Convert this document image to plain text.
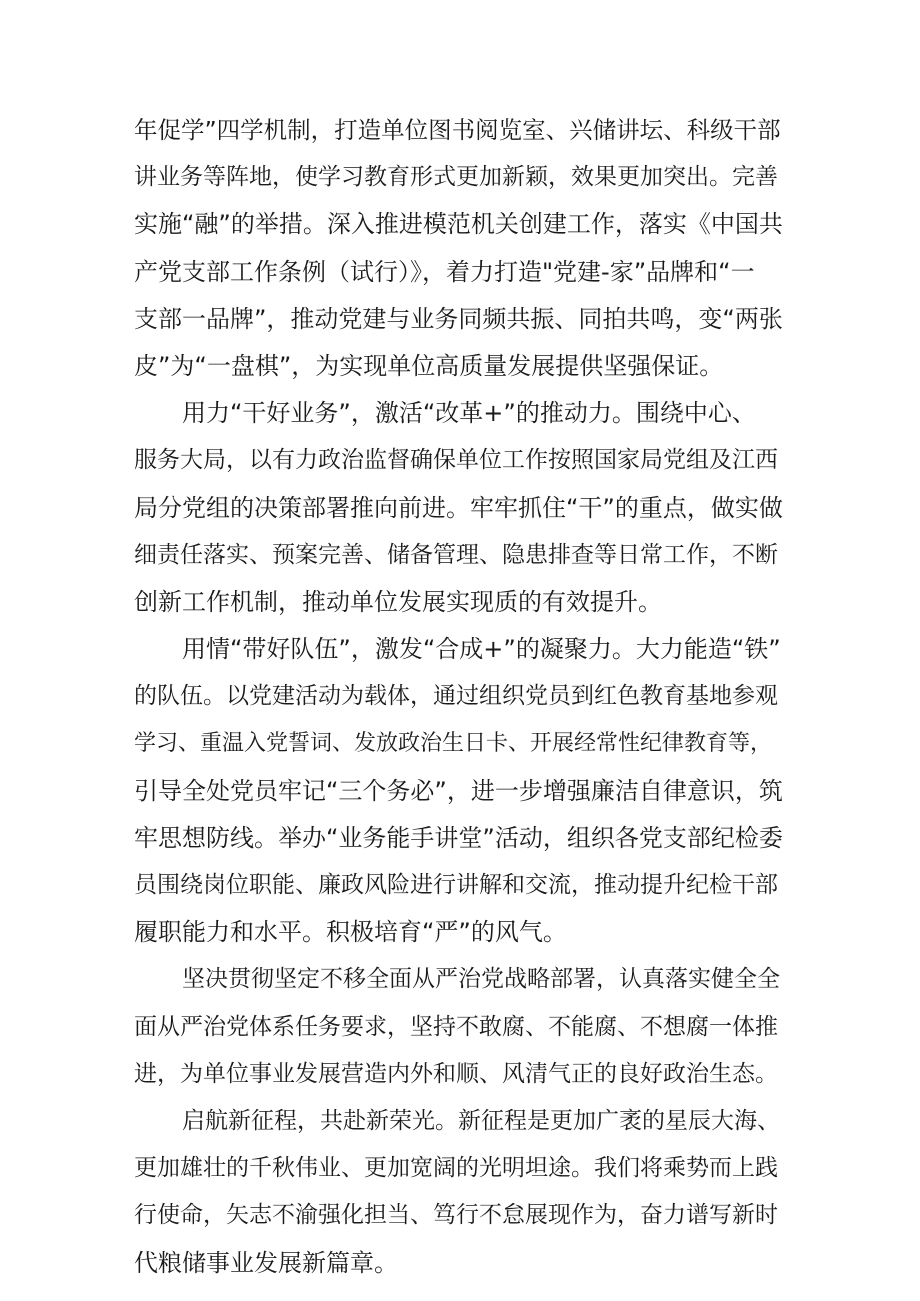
年促学”四学机制，打造单位图书阅览室、兴储讲坛、科级干部
讲业务等阵地，使学习教育形式更加新颖，效果更加突出。完善
实施“融”的举措。深入推进模范机关创建工作，落实《中国共
产党支部工作条例（试行）》，着力打造"党建-家”品牌和“一
支部一品牌”，推动党建与业务同频共振、同拍共鸣，变“两张
皮”为“一盘棋”，为实现单位高质量发展提供坚强保证。
用力“干好业务”，激活“改革+”的推动力。围绕中心、
服务大局，以有力政治监督确保单位工作按照国家局党组及江西
局分党组的决策部署推向前进。牢牢抓住“干”的重点，做实做
细责任落实、预案完善、储备管理、隐患排查等日常工作，不断
创新工作机制，推动单位发展实现质的有效提升。
用情“带好队伍”，激发“合成+”的凝聚力。大力能造“铁”
的队伍。以党建活动为载体，通过组织党员到红色教育基地参观
学习、重温入党誓词、发放政治生日卡、开展经常性纪律教育等，
引导全处党员牢记“三个务必”，进一步增强廉洁自律意识，筑
牢思想防线。举办“业务能手讲堂”活动，组织各党支部纪检委
员围绕岗位职能、廉政风险进行讲解和交流，推动提升纪检干部
履职能力和水平。积极培育“严”的风气。
坚决贯彻坚定不移全面从严治党战略部署，认真落实健全全
面从严治党体系任务要求，坚持不敢腐、不能腐、不想腐一体推
进，为单位事业发展营造内外和顺、风清气正的良好政治生态。
启航新征程，共赴新荣光。新征程是更加广袤的星辰大海、
更加雄壮的千秋伟业、更加宽阔的光明坦途。我们将乘势而上践
行使命，矢志不渝强化担当、笃行不怠展现作为，奋力谱写新时
代粮储事业发展新篇章。
